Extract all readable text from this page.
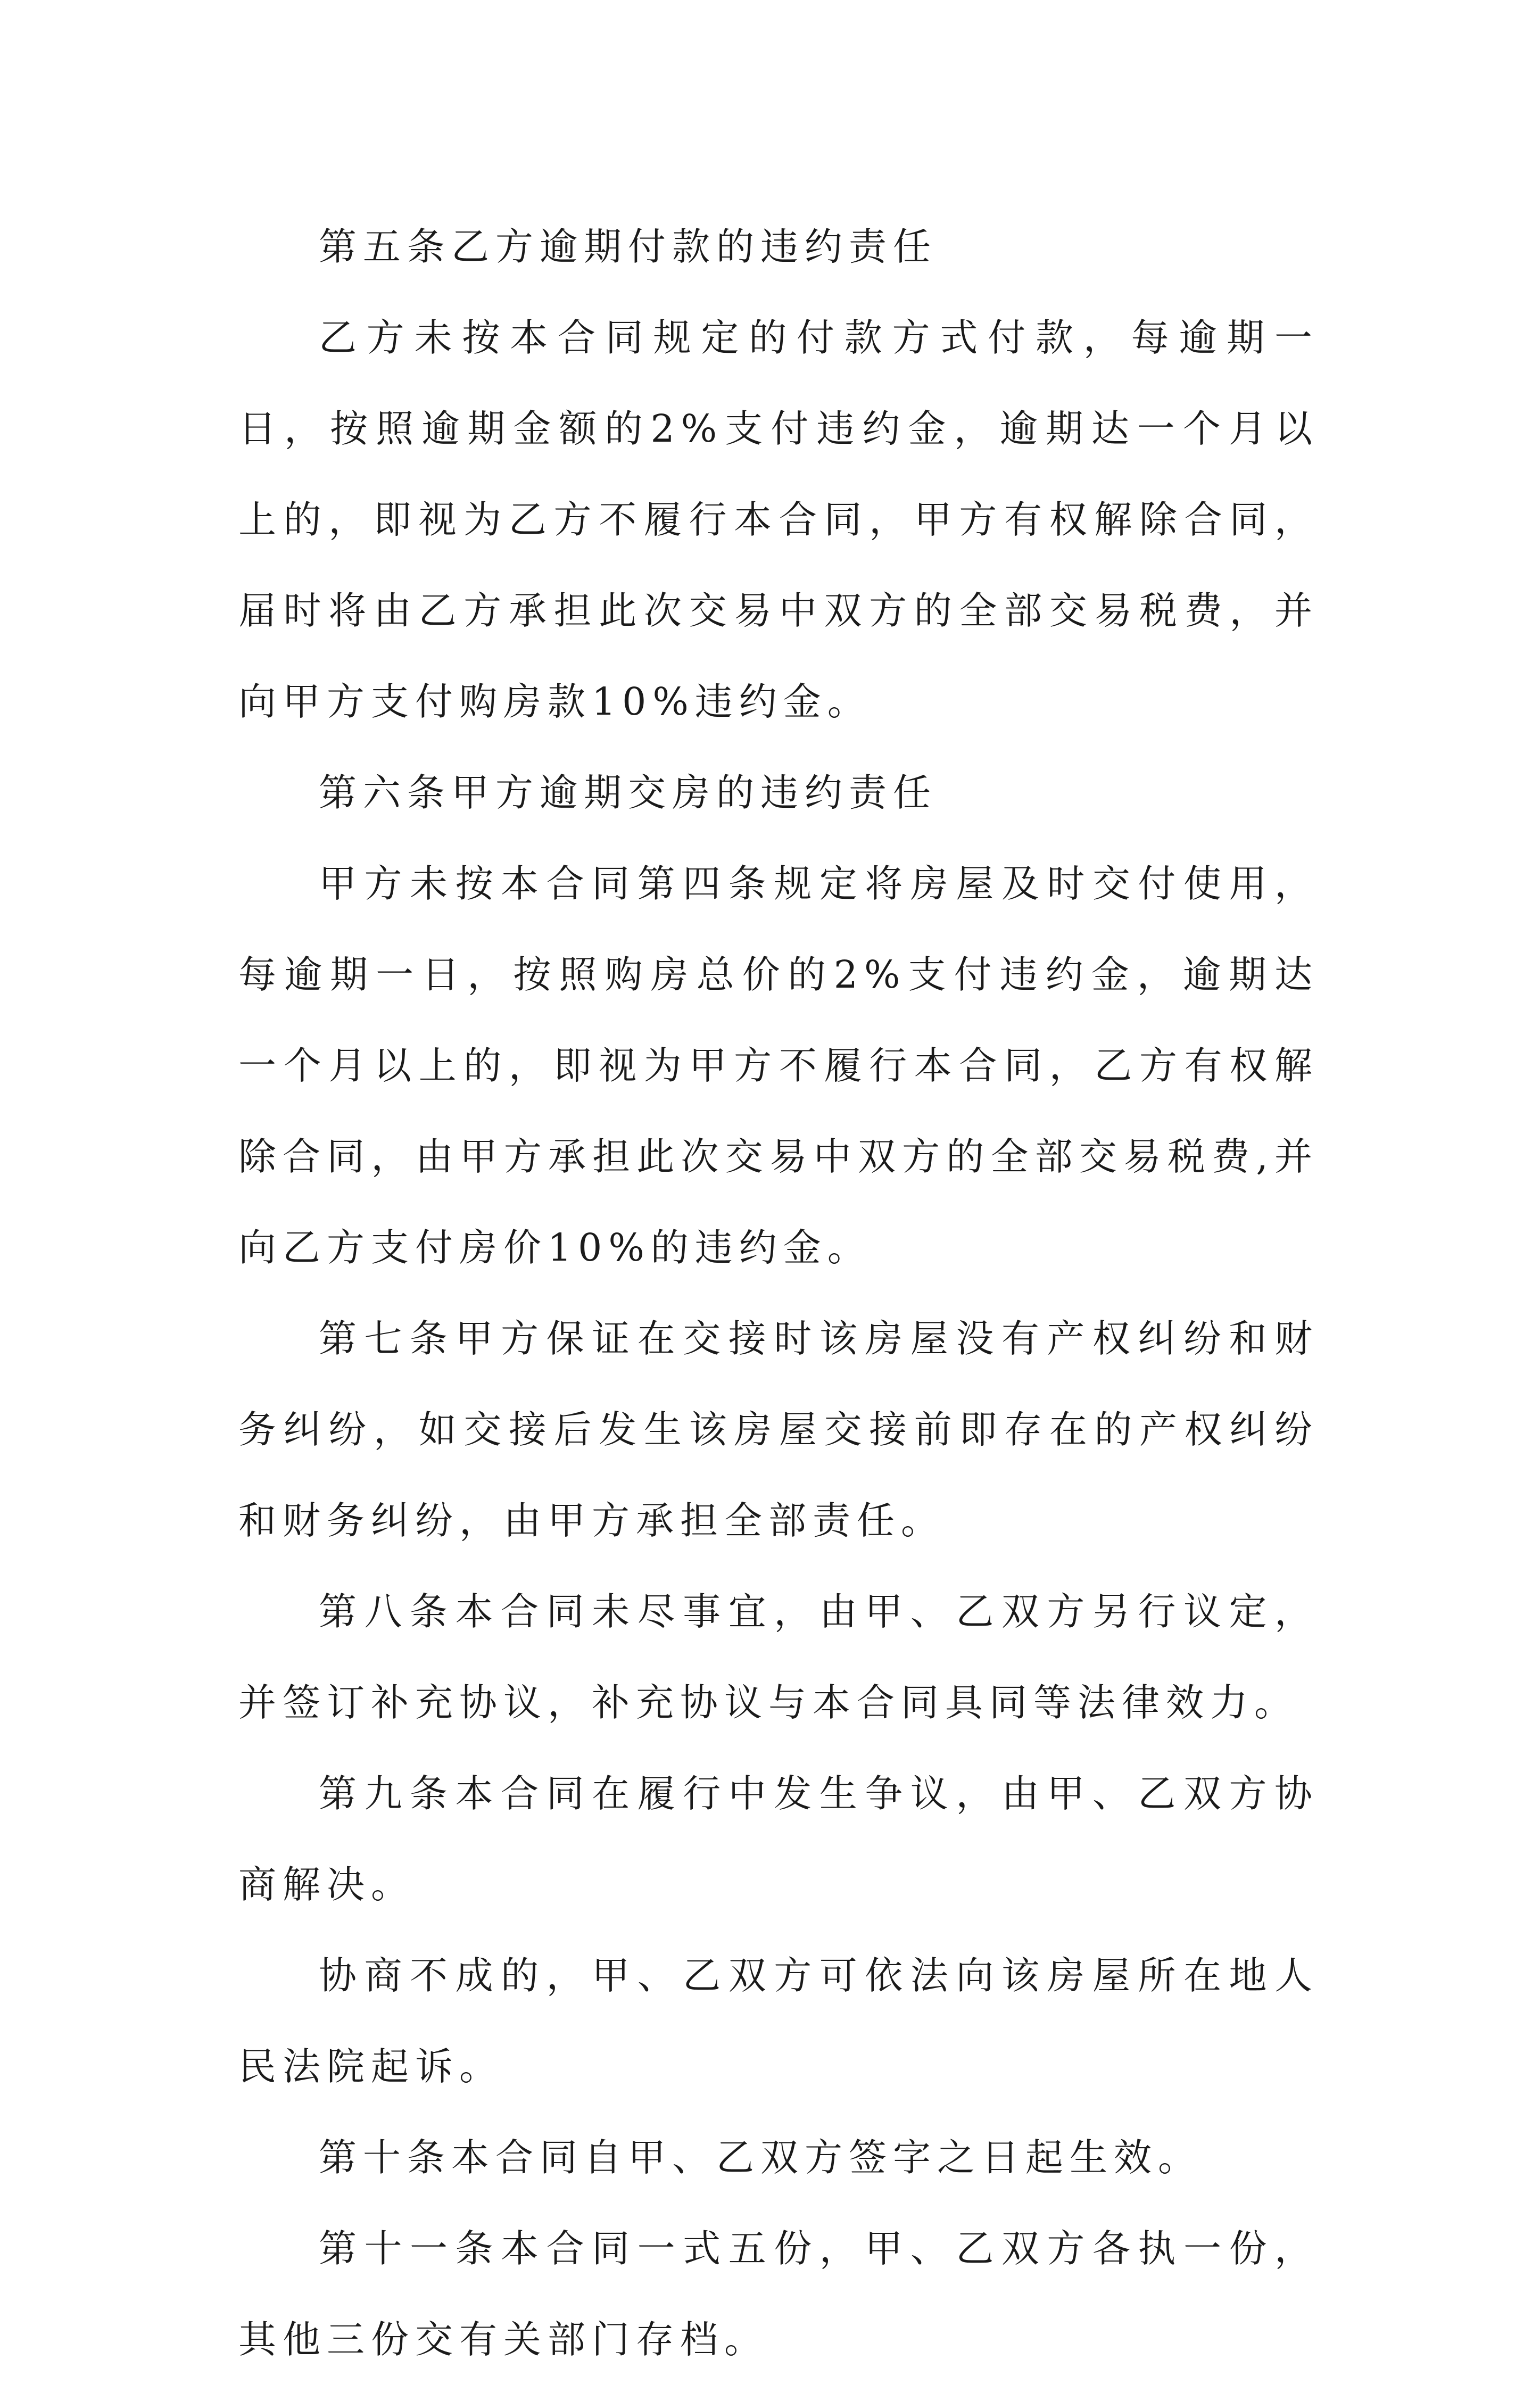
第五条乙方逾期付款的违约责任

乙方未按本合同规定的付款方式付款，每逾期一日，按照逾期金额的2%支付违约金，逾期达一个月以上的，即视为乙方不履行本合同，甲方有权解除合同，届时将由乙方承担此次交易中双方的全部交易税费，并向甲方支付购房款10%违约金。

第六条甲方逾期交房的违约责任

甲方未按本合同第四条规定将房屋及时交付使用，每逾期一日，按照购房总价的2%支付违约金，逾期达一个月以上的，即视为甲方不履行本合同，乙方有权解除合同，由甲方承担此次交易中双方的全部交易税费,并向乙方支付房价10%的违约金。

第七条甲方保证在交接时该房屋没有产权纠纷和财务纠纷，如交接后发生该房屋交接前即存在的产权纠纷和财务纠纷，由甲方承担全部责任。

第八条本合同未尽事宜，由甲、乙双方另行议定，并签订补充协议，补充协议与本合同具同等法律效力。

第九条本合同在履行中发生争议，由甲、乙双方协商解决。

协商不成的，甲、乙双方可依法向该房屋所在地人民法院起诉。

第十条本合同自甲、乙双方签字之日起生效。

第十一条本合同一式五份，甲、乙双方各执一份，其他三份交有关部门存档。
